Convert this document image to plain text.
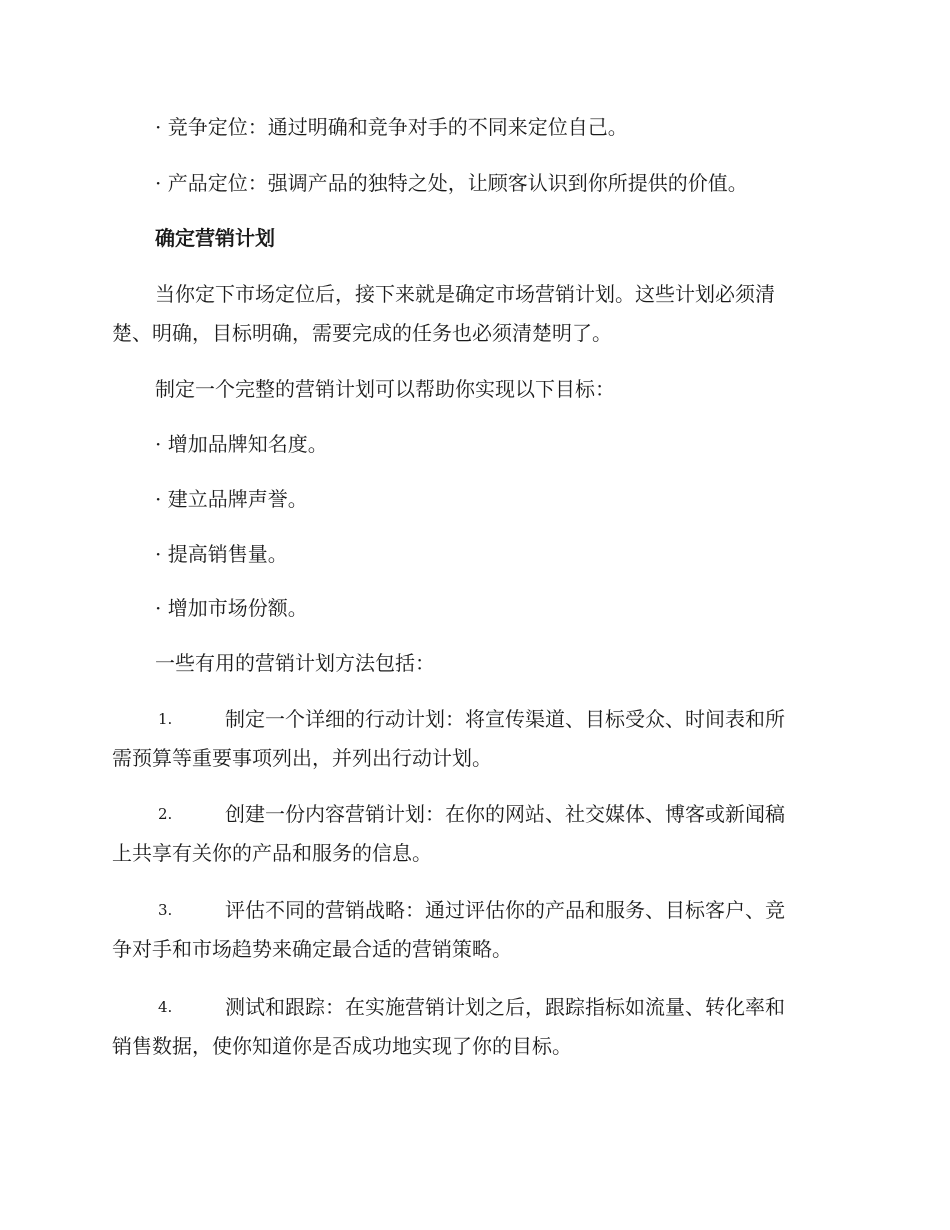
· 竞争定位：通过明确和竞争对手的不同来定位自己。
· 产品定位：强调产品的独特之处，让顾客认识到你所提供的价值。
确定营销计划
当你定下市场定位后，接下来就是确定市场营销计划。这些计划必须清
楚、明确，目标明确，需要完成的任务也必须清楚明了。
制定一个完整的营销计划可以帮助你实现以下目标：
· 增加品牌知名度。
· 建立品牌声誉。
· 提高销售量。
· 增加市场份额。
一些有用的营销计划方法包括：
1.	制定一个详细的行动计划：将宣传渠道、目标受众、时间表和所
需预算等重要事项列出，并列出行动计划。
2.	创建一份内容营销计划：在你的网站、社交媒体、博客或新闻稿
上共享有关你的产品和服务的信息。
3.	评估不同的营销战略：通过评估你的产品和服务、目标客户、竞
争对手和市场趋势来确定最合适的营销策略。
4.	测试和跟踪：在实施营销计划之后，跟踪指标如流量、转化率和
销售数据，使你知道你是否成功地实现了你的目标。
